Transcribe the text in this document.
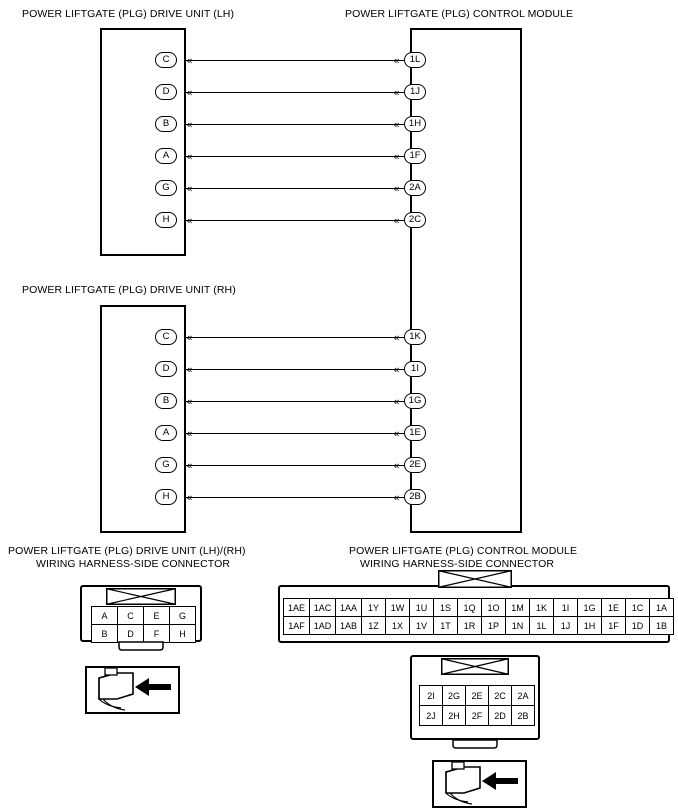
POWER LIFTGATE (PLG) DRIVE UNIT (LH)	POWER LIFTGATE (PLG) CONTROL MODULE
POWER LIFTGATE (PLG) DRIVE UNIT (RH)
C	1L
«	«
D	1J
«	«
B	1H
«	«
A	1F
«	«
G	2A
«	«
H	2C
«	«
C	1K
«	«
D	1I
«	«
B	1G
«	«
A	1E
«	«
G	2E
«	«
H	2B
«	«
POWER LIFTGATE (PLG) DRIVE UNIT (LH)/(RH)
WIRING HARNESS-SIDE CONNECTOR
A	C	E	G
B	D	F	H
POWER LIFTGATE (PLG) CONTROL MODULE
WIRING HARNESS-SIDE CONNECTOR
1AE	1AC	1AA	1Y	1W	1U	1S	1Q	1O	1M	1K	1I	1G	1E	1C	1A
1AF	1AD	1AB	1Z	1X	1V	1T	1R	1P	1N	1L	1J	1H	1F	1D	1B
2I	2G	2E	2C	2A
2J	2H	2F	2D	2B
